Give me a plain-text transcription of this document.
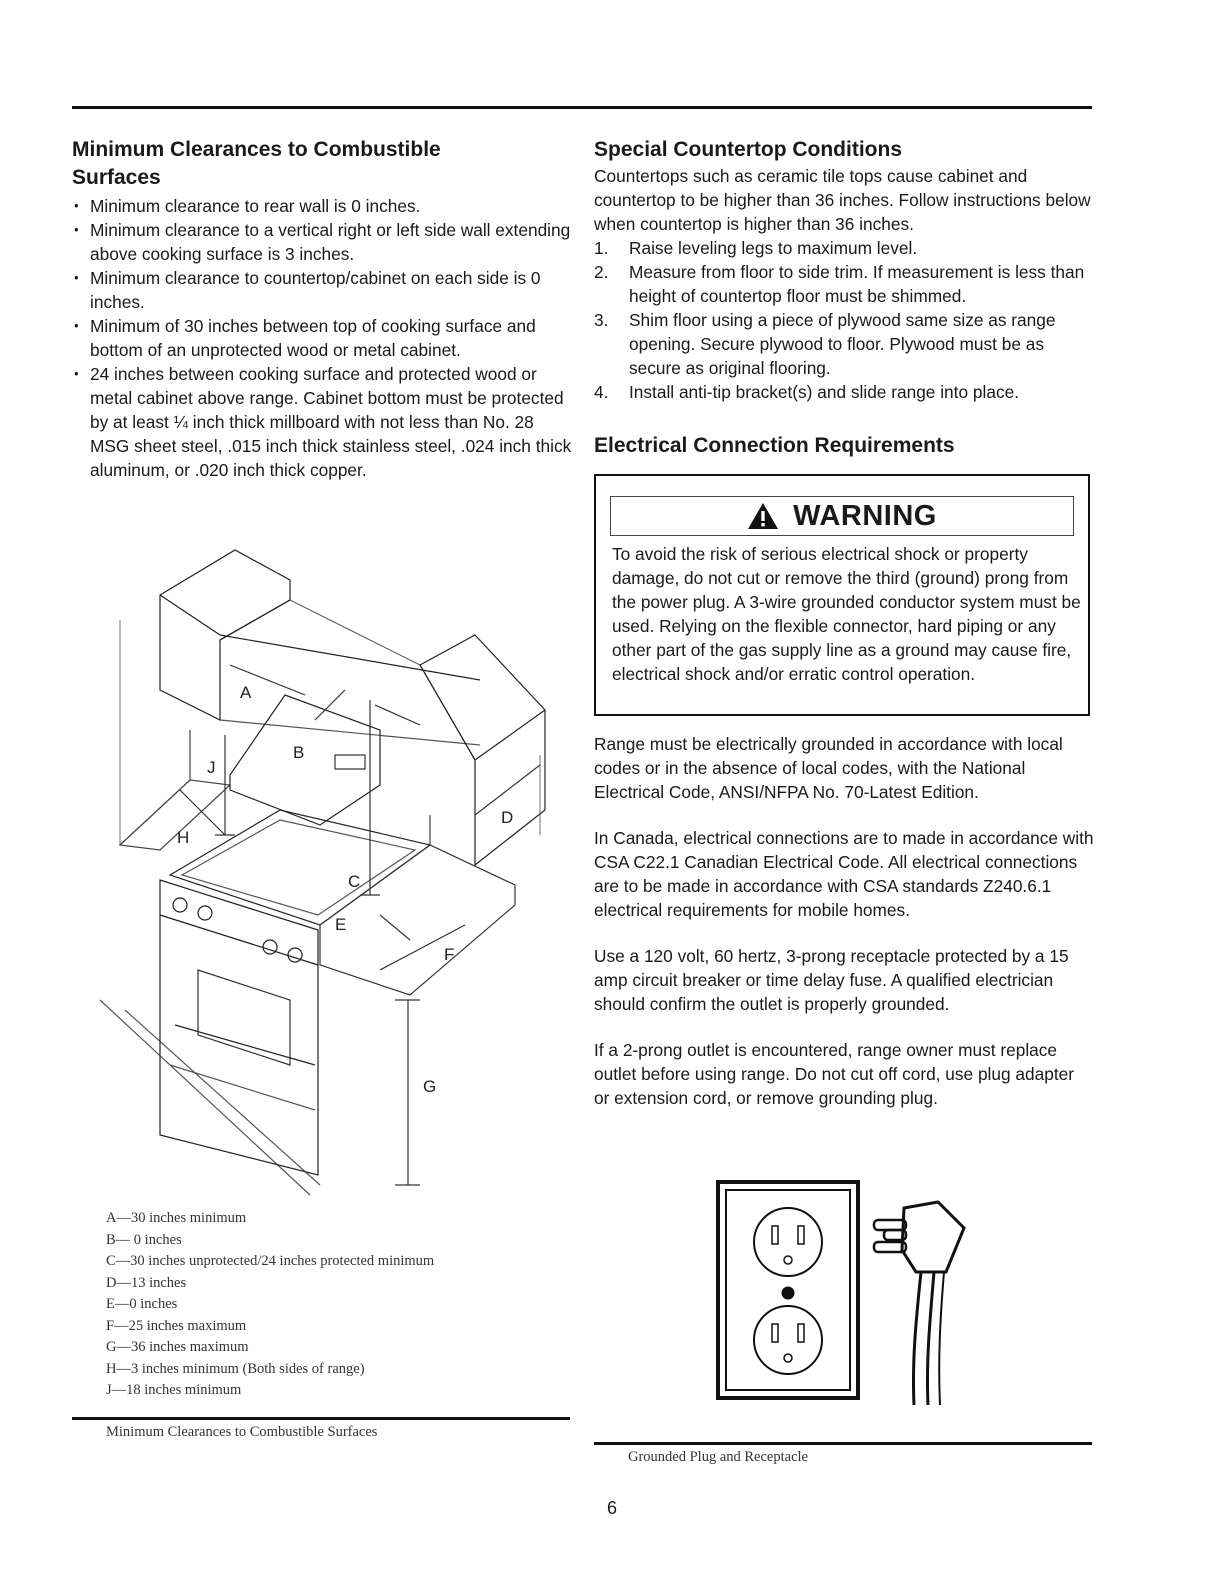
Minimum Clearances to Combustible Surfaces
• Minimum clearance to rear wall is 0 inches.
• Minimum clearance to a vertical right or left side wall extending above cooking surface is 3 inches.
• Minimum clearance to countertop/cabinet on each side is 0 inches.
• Minimum of 30 inches between top of cooking surface and bottom of an unprotected wood or metal cabinet.
• 24 inches between cooking surface and protected wood or metal cabinet above range. Cabinet bottom must be protected by at least ¼ inch thick millboard with not less than No. 28 MSG sheet steel, .015 inch thick stainless steel, .024 inch thick aluminum, or .020 inch thick copper.
A
B
C
D
E
F
G
H
J
A—30 inches minimum
B— 0 inches
C—30 inches unprotected/24 inches protected minimum
D—13 inches
E—0 inches
F—25 inches maximum
G—36 inches maximum
H—3 inches minimum (Both sides of range)
J—18 inches minimum
Minimum Clearances to Combustible Surfaces
Special Countertop Conditions

Countertops such as ceramic tile tops cause cabinet and countertop to be higher than 36 inches. Follow instructions below when countertop is higher than 36 inches.

1. Raise leveling legs to maximum level.
2. Measure from floor to side trim. If measurement is less than height of countertop floor must be shimmed.
3. Shim floor using a piece of plywood same size as range opening. Secure plywood to floor. Plywood must be as secure as original flooring.
4. Install anti-tip bracket(s) and slide range into place.
Electrical Connection Requirements
WARNING
To avoid the risk of serious electrical shock or property damage, do not cut or remove the third (ground) prong from the power plug. A 3-wire grounded conductor system must be used. Relying on the flexible connector, hard piping or any other part of the gas supply line as a ground may cause fire, electrical shock and/or erratic control operation.

Range must be electrically grounded in accordance with local codes or in the absence of local codes, with the National Electrical Code, ANSI/NFPA No. 70-Latest Edition.

In Canada, electrical connections are to made in accordance with CSA C22.1 Canadian Electrical Code. All electrical connections are to be made in accordance with CSA standards Z240.6.1 electrical requirements for mobile homes.

Use a 120 volt, 60 hertz, 3-prong receptacle protected by a 15 amp circuit breaker or time delay fuse. A qualified electrician should confirm the outlet is properly grounded.

If a 2-prong outlet is encountered, range owner must replace outlet before using range. Do not cut off cord, use plug adapter or extension cord, or remove grounding plug.

Grounded Plug and Receptacle
6
